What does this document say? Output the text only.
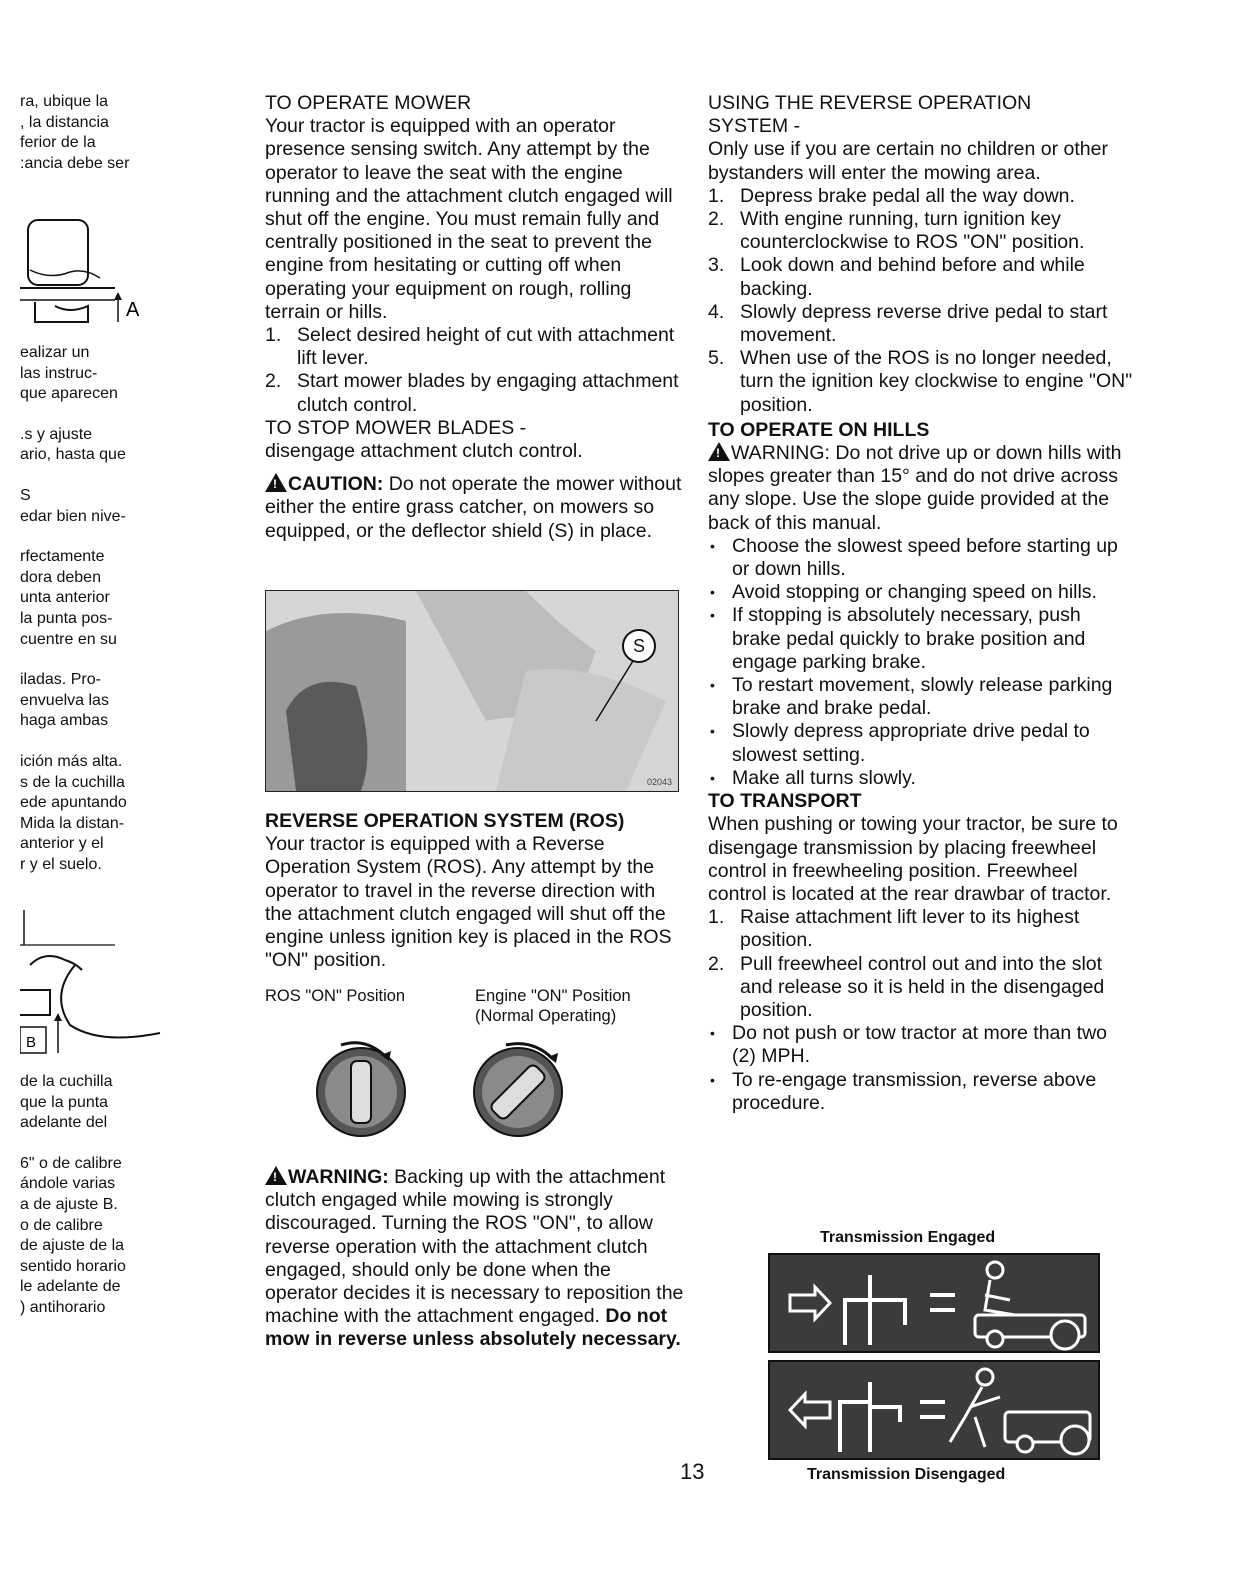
ra, ubique la

, la distancia

ferior de la

:ancia debe ser

A

ealizar un

las instruc-

que aparecen

.s y ajuste

ario, hasta que

S

edar bien nive-

rfectamente

dora deben

unta anterior

la punta pos-

cuentre en su

iladas. Pro-

envuelva las

haga ambas

ición más alta.

s de la cuchilla

ede apuntando

Mida la distan-

anterior y el

r y el suelo.

B

de la cuchilla

que la punta

adelante del

6" o de calibre

ándole varias

a de ajuste B.

o de calibre

de ajuste de la

sentido horario

le adelante de

) antihorario

TO OPERATE MOWER

Your tractor is equipped with an operator presence sensing switch. Any attempt by the operator to leave the seat with the engine running and the attachment clutch engaged will shut off the engine. You must remain fully and centrally positioned in the seat to prevent the engine from hesitating or cutting off when operating your equipment on rough, rolling terrain or hills.

1. Select desired height of cut with attachment lift lever.
2. Start mower blades by engaging attachment clutch control.

TO STOP MOWER BLADES -

disengage attachment clutch control.

!CAUTION: Do not operate the mower without either the entire grass catcher, on mowers so equipped, or the deflector shield (S) in place.

S
02043

REVERSE OPERATION SYSTEM (ROS)

Your tractor is equipped with a Reverse Operation System (ROS). Any attempt by the operator to travel in the reverse direction with the attachment clutch engaged will shut off the engine unless ignition key is placed in the ROS "ON" position.

ROS "ON" Position	Engine "ON" Position

(Normal Operating)

!WARNING: Backing up with the attachment clutch engaged while mowing is strongly discouraged. Turning the ROS "ON", to allow reverse operation with the attachment clutch engaged, should only be done when the operator decides it is necessary to reposition the machine with the attachment engaged. Do not mow in reverse unless absolutely necessary.

USING THE REVERSE OPERATION

SYSTEM -

Only use if you are certain no children or other bystanders will enter the mowing area.

1. Depress brake pedal all the way down.
2. With engine running, turn ignition key counterclockwise to ROS "ON" position.
3. Look down and behind before and while backing.
4. Slowly depress reverse drive pedal to start movement.
5. When use of the ROS is no longer needed, turn the ignition key clockwise to engine "ON" position.

TO OPERATE ON HILLS

!WARNING: Do not drive up or down hills with slopes greater than 15° and do not drive across any slope. Use the slope guide provided at the back of this manual.

• Choose the slowest speed before starting up or down hills.
• Avoid stopping or changing speed on hills.
• If stopping is absolutely necessary, push brake pedal quickly to brake position and engage parking brake.
• To restart movement, slowly release parking brake and brake pedal.
• Slowly depress appropriate drive pedal to slowest setting.
• Make all turns slowly.

TO TRANSPORT

When pushing or towing your tractor, be sure to disengage transmission by placing freewheel control in freewheeling position. Freewheel control is located at the rear drawbar of tractor.

1. Raise attachment lift lever to its highest position.
2. Pull freewheel control out and into the slot and release so it is held in the disengaged position.
• Do not push or tow tractor at more than two (2) MPH.
• To re-engage transmission, reverse above procedure.
Transmission Engaged
Transmission Disengaged
13
